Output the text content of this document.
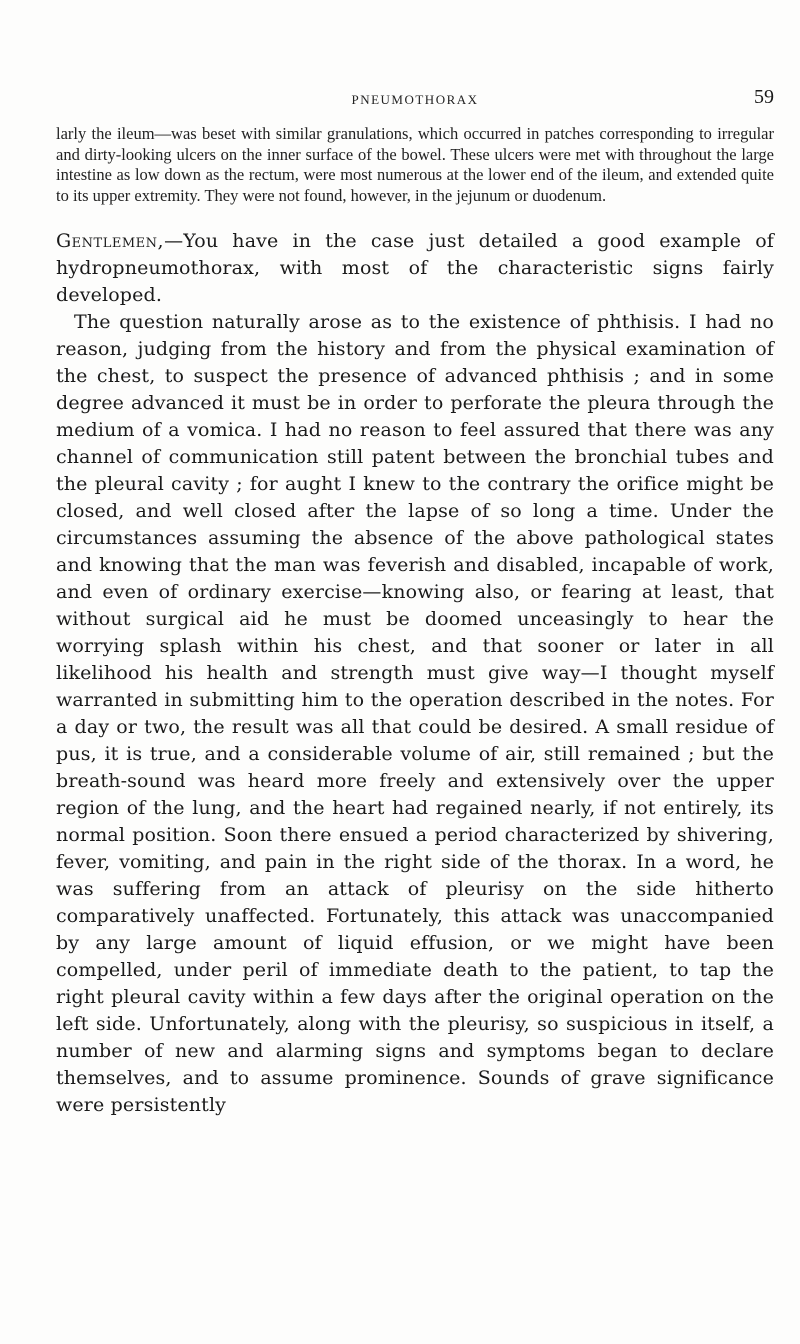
PNEUMOTHORAX	59

larly the ileum—was beset with similar granulations, which occurred in patches corresponding to irregular and dirty-looking ulcers on the inner surface of the bowel. These ulcers were met with throughout the large intestine as low down as the rectum, were most numerous at the lower end of the ileum, and extended quite to its upper extremity. They were not found, however, in the jejunum or duodenum.

Gentlemen,—You have in the case just detailed a good example of hydropneumothorax, with most of the characteristic signs fairly developed.

The question naturally arose as to the existence of phthisis. I had no reason, judging from the history and from the physical examination of the chest, to suspect the presence of advanced phthisis ; and in some degree advanced it must be in order to perforate the pleura through the medium of a vomica. I had no reason to feel assured that there was any channel of communication still patent between the bronchial tubes and the pleural cavity ; for aught I knew to the contrary the orifice might be closed, and well closed after the lapse of so long a time. Under the circumstances assuming the absence of the above pathological states and knowing that the man was feverish and disabled, incapable of work, and even of ordinary exercise—knowing also, or fearing at least, that without surgical aid he must be doomed unceasingly to hear the worrying splash within his chest, and that sooner or later in all likelihood his health and strength must give way—I thought myself warranted in submitting him to the operation described in the notes. For a day or two, the result was all that could be desired. A small residue of pus, it is true, and a considerable volume of air, still remained ; but the breath-sound was heard more freely and extensively over the upper region of the lung, and the heart had regained nearly, if not entirely, its normal position. Soon there ensued a period characterized by shivering, fever, vomiting, and pain in the right side of the thorax. In a word, he was suffering from an attack of pleurisy on the side hitherto comparatively unaffected. Fortunately, this attack was unaccompanied by any large amount of liquid effusion, or we might have been compelled, under peril of immediate death to the patient, to tap the right pleural cavity within a few days after the original operation on the left side. Unfortunately, along with the pleurisy, so suspicious in itself, a number of new and alarming signs and symptoms began to declare themselves, and to assume prominence. Sounds of grave significance were persistently
